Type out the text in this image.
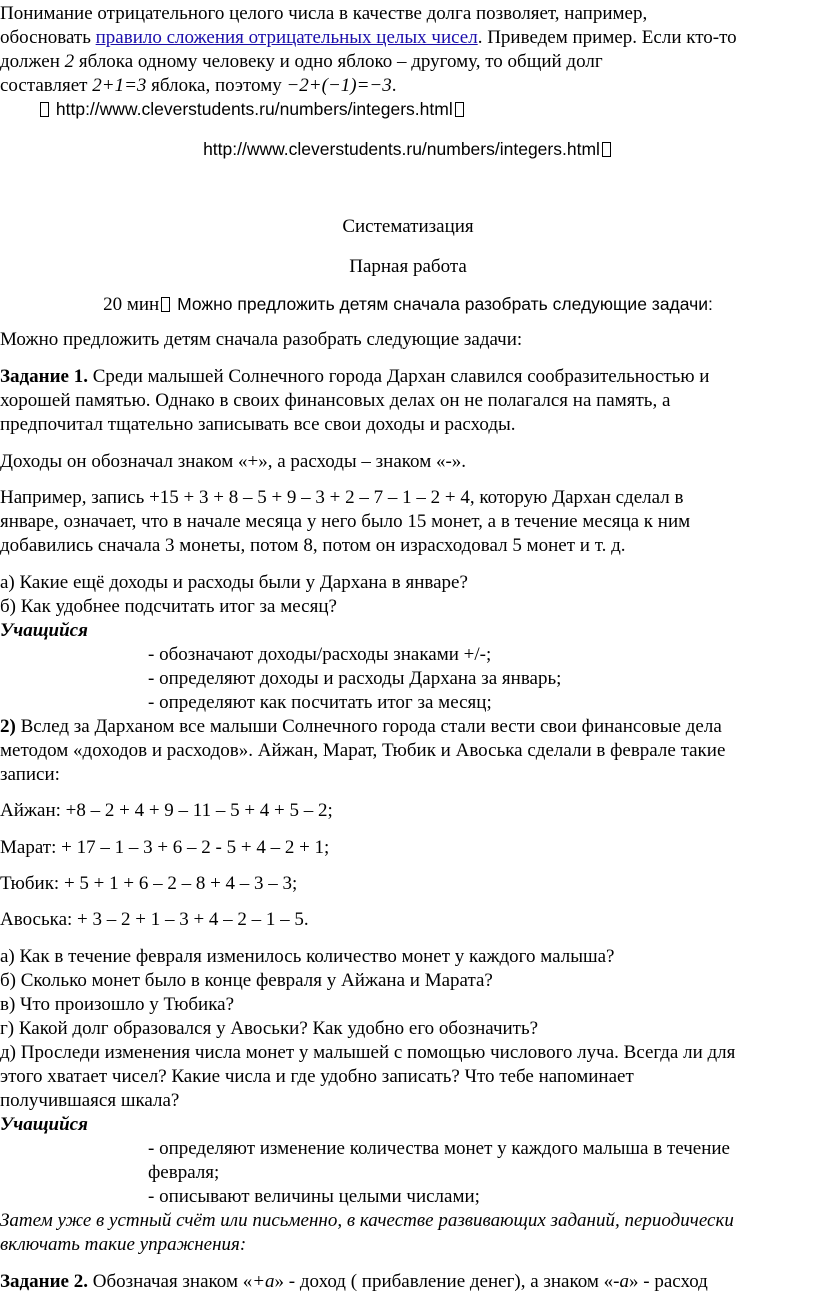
Понимание отрицательного целого числа в качестве долга позволяет, например,
обосновать правило сложения отрицательных целых чисел. Приведем пример. Если кто-то
должен 2 яблока одному человеку и одно яблоко – другому, то общий долг
составляет 2+1=3 яблока, поэтому −2+(−1)=−3.
http://www.cleverstudents.ru/numbers/integers.html
http://www.cleverstudents.ru/numbers/integers.html
Систематизация
Парная работа
20 мин Можно предложить детям сначала разобрать следующие задачи:
Можно предложить детям сначала разобрать следующие задачи:
Задание 1. Среди малышей Солнечного города Дархан славился сообразительностью и
хорошей памятью. Однако в своих финансовых делах он не полагался на память, а
предпочитал тщательно записывать все свои доходы и расходы.
Доходы он обозначал знаком «+», а расходы – знаком «-».
Например, запись +15 + 3 + 8 – 5 + 9 – 3 + 2 – 7 – 1 – 2 + 4, которую Дархан сделал в
январе, означает, что в начале месяца у него было 15 монет, а в течение месяца к ним
добавились сначала 3 монеты, потом 8, потом он израсходовал 5 монет и т. д.
а) Какие ещё доходы и расходы были у Дархана в январе?
б) Как удобнее подсчитать итог за месяц?
Учащийся
- обозначают доходы/расходы знаками +/-;
- определяют доходы и расходы Дархана за январь;
- определяют как посчитать итог за месяц;
2) Вслед за Дарханом все малыши Солнечного города стали вести свои финансовые дела
методом «доходов и расходов». Айжан, Марат, Тюбик и Авоська сделали в феврале такие
записи:
Айжан: +8 – 2 + 4 + 9 – 11 – 5 + 4 + 5 – 2;
Марат: + 17 – 1 – 3 + 6 – 2 - 5 + 4 – 2 + 1;
Тюбик: + 5 + 1 + 6 – 2 – 8 + 4 – 3 – 3;
Авоська: + 3 – 2 + 1 – 3 + 4 – 2 – 1 – 5.
а) Как в течение февраля изменилось количество монет у каждого малыша?
б) Сколько монет было в конце февраля у Айжана и Марата?
в) Что произошло у Тюбика?
г) Какой долг образовался у Авоськи? Как удобно его обозначить?
д) Проследи изменения числа монет у малышей с помощью числового луча. Всегда ли для
этого хватает чисел? Какие числа и где удобно записать? Что тебе напоминает
получившаяся шкала?
Учащийся
- определяют изменение количества монет у каждого малыша в течение
февраля;
- описывают величины целыми числами;
Затем уже в устный счёт или письменно, в качестве развивающих заданий, периодически
включать такие упражнения:
Задание 2. Обозначая знаком «+a» - доход ( прибавление денег), а знаком «-a» - расход
